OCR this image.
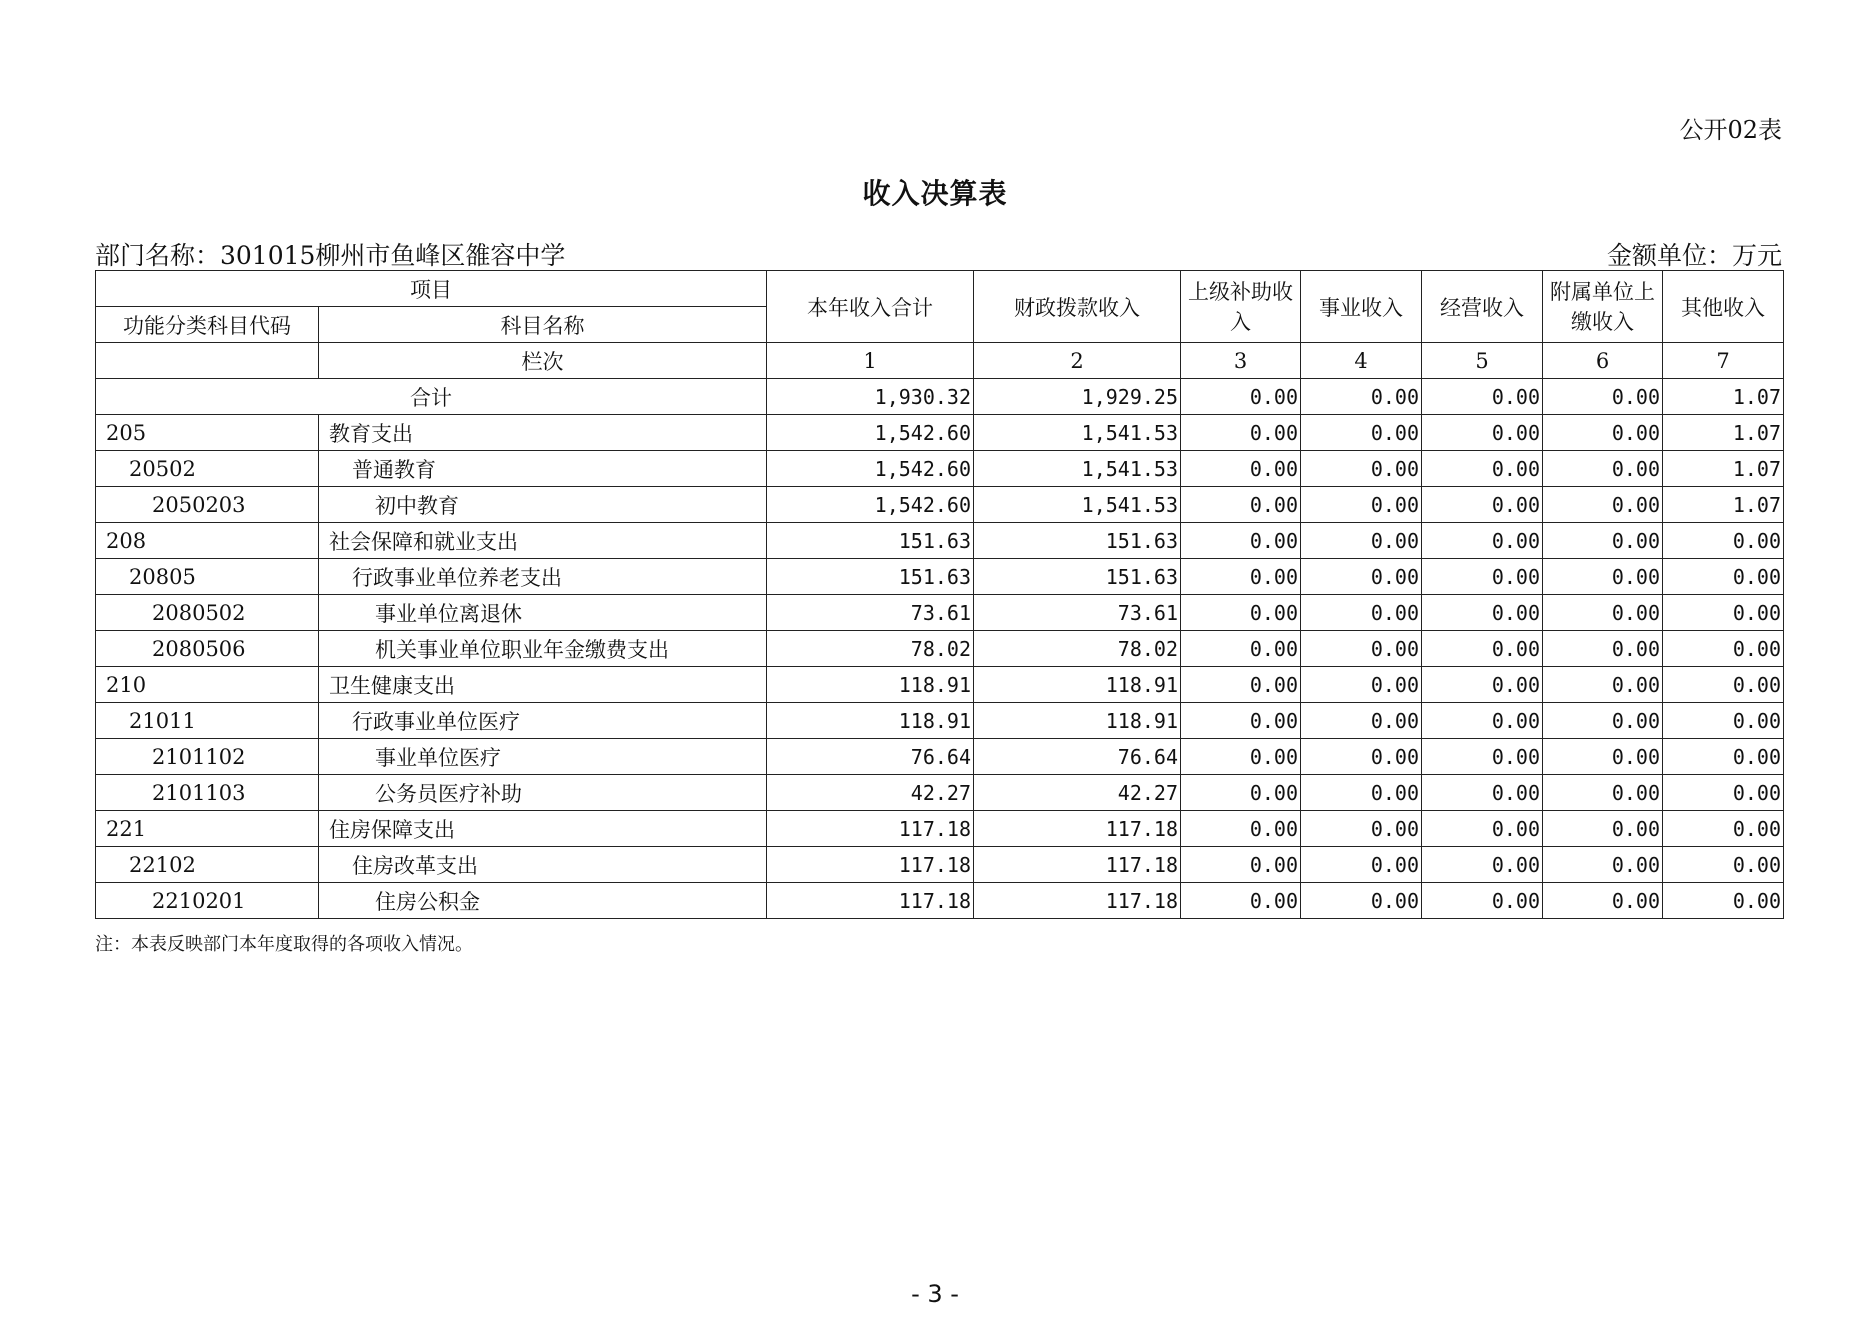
公开02表
收入决算表
部门名称：301015柳州市鱼峰区雒容中学	金额单位：万元
项目		本年收入合计	财政拨款收入	上级补助收入	事业收入	经营收入	附属单位上缴收入	其他收入
功能分类科目代码	科目名称							
	栏次	1	2	3	4	5	6	7
合计		1,930.32	1,929.25	0.00	0.00	0.00	0.00	1.07
205	教育支出	1,542.60	1,541.53	0.00	0.00	0.00	0.00	1.07
20502	普通教育	1,542.60	1,541.53	0.00	0.00	0.00	0.00	1.07
2050203	初中教育	1,542.60	1,541.53	0.00	0.00	0.00	0.00	1.07
208	社会保障和就业支出	151.63	151.63	0.00	0.00	0.00	0.00	0.00
20805	行政事业单位养老支出	151.63	151.63	0.00	0.00	0.00	0.00	0.00
2080502	事业单位离退休	73.61	73.61	0.00	0.00	0.00	0.00	0.00
2080506	机关事业单位职业年金缴费支出	78.02	78.02	0.00	0.00	0.00	0.00	0.00
210	卫生健康支出	118.91	118.91	0.00	0.00	0.00	0.00	0.00
21011	行政事业单位医疗	118.91	118.91	0.00	0.00	0.00	0.00	0.00
2101102	事业单位医疗	76.64	76.64	0.00	0.00	0.00	0.00	0.00
2101103	公务员医疗补助	42.27	42.27	0.00	0.00	0.00	0.00	0.00
221	住房保障支出	117.18	117.18	0.00	0.00	0.00	0.00	0.00
22102	住房改革支出	117.18	117.18	0.00	0.00	0.00	0.00	0.00
2210201	住房公积金	117.18	117.18	0.00	0.00	0.00	0.00	0.00
注：本表反映部门本年度取得的各项收入情况。
- 3 -
